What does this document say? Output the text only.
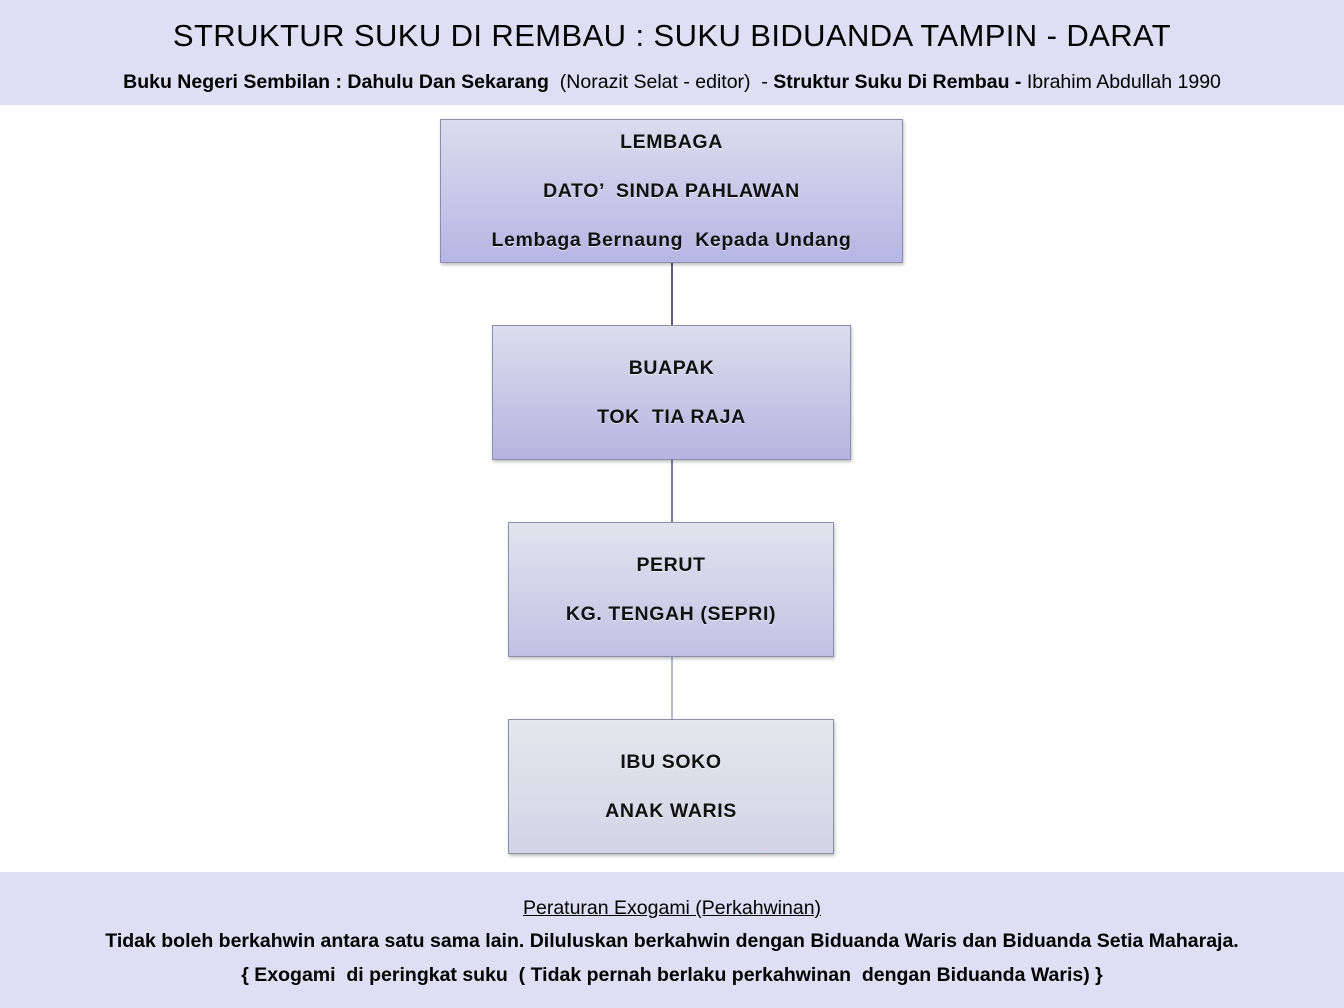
STRUKTUR SUKU DI REMBAU : SUKU BIDUANDA TAMPIN - DARAT
Buku Negeri Sembilan : Dahulu Dan Sekarang  (Norazit Selat - editor)  - Struktur Suku Di Rembau - Ibrahim Abdullah 1990
LEMBAGA
DATO’  SINDA PAHLAWAN
Lembaga Bernaung  Kepada Undang
BUAPAK
TOK  TIA RAJA
PERUT
KG. TENGAH (SEPRI)
IBU SOKO
ANAK WARIS
Peraturan Exogami (Perkahwinan)
Tidak boleh berkahwin antara satu sama lain. Diluluskan berkahwin dengan Biduanda Waris dan Biduanda Setia Maharaja.
{ Exogami  di peringkat suku  ( Tidak pernah berlaku perkahwinan  dengan Biduanda Waris) }
